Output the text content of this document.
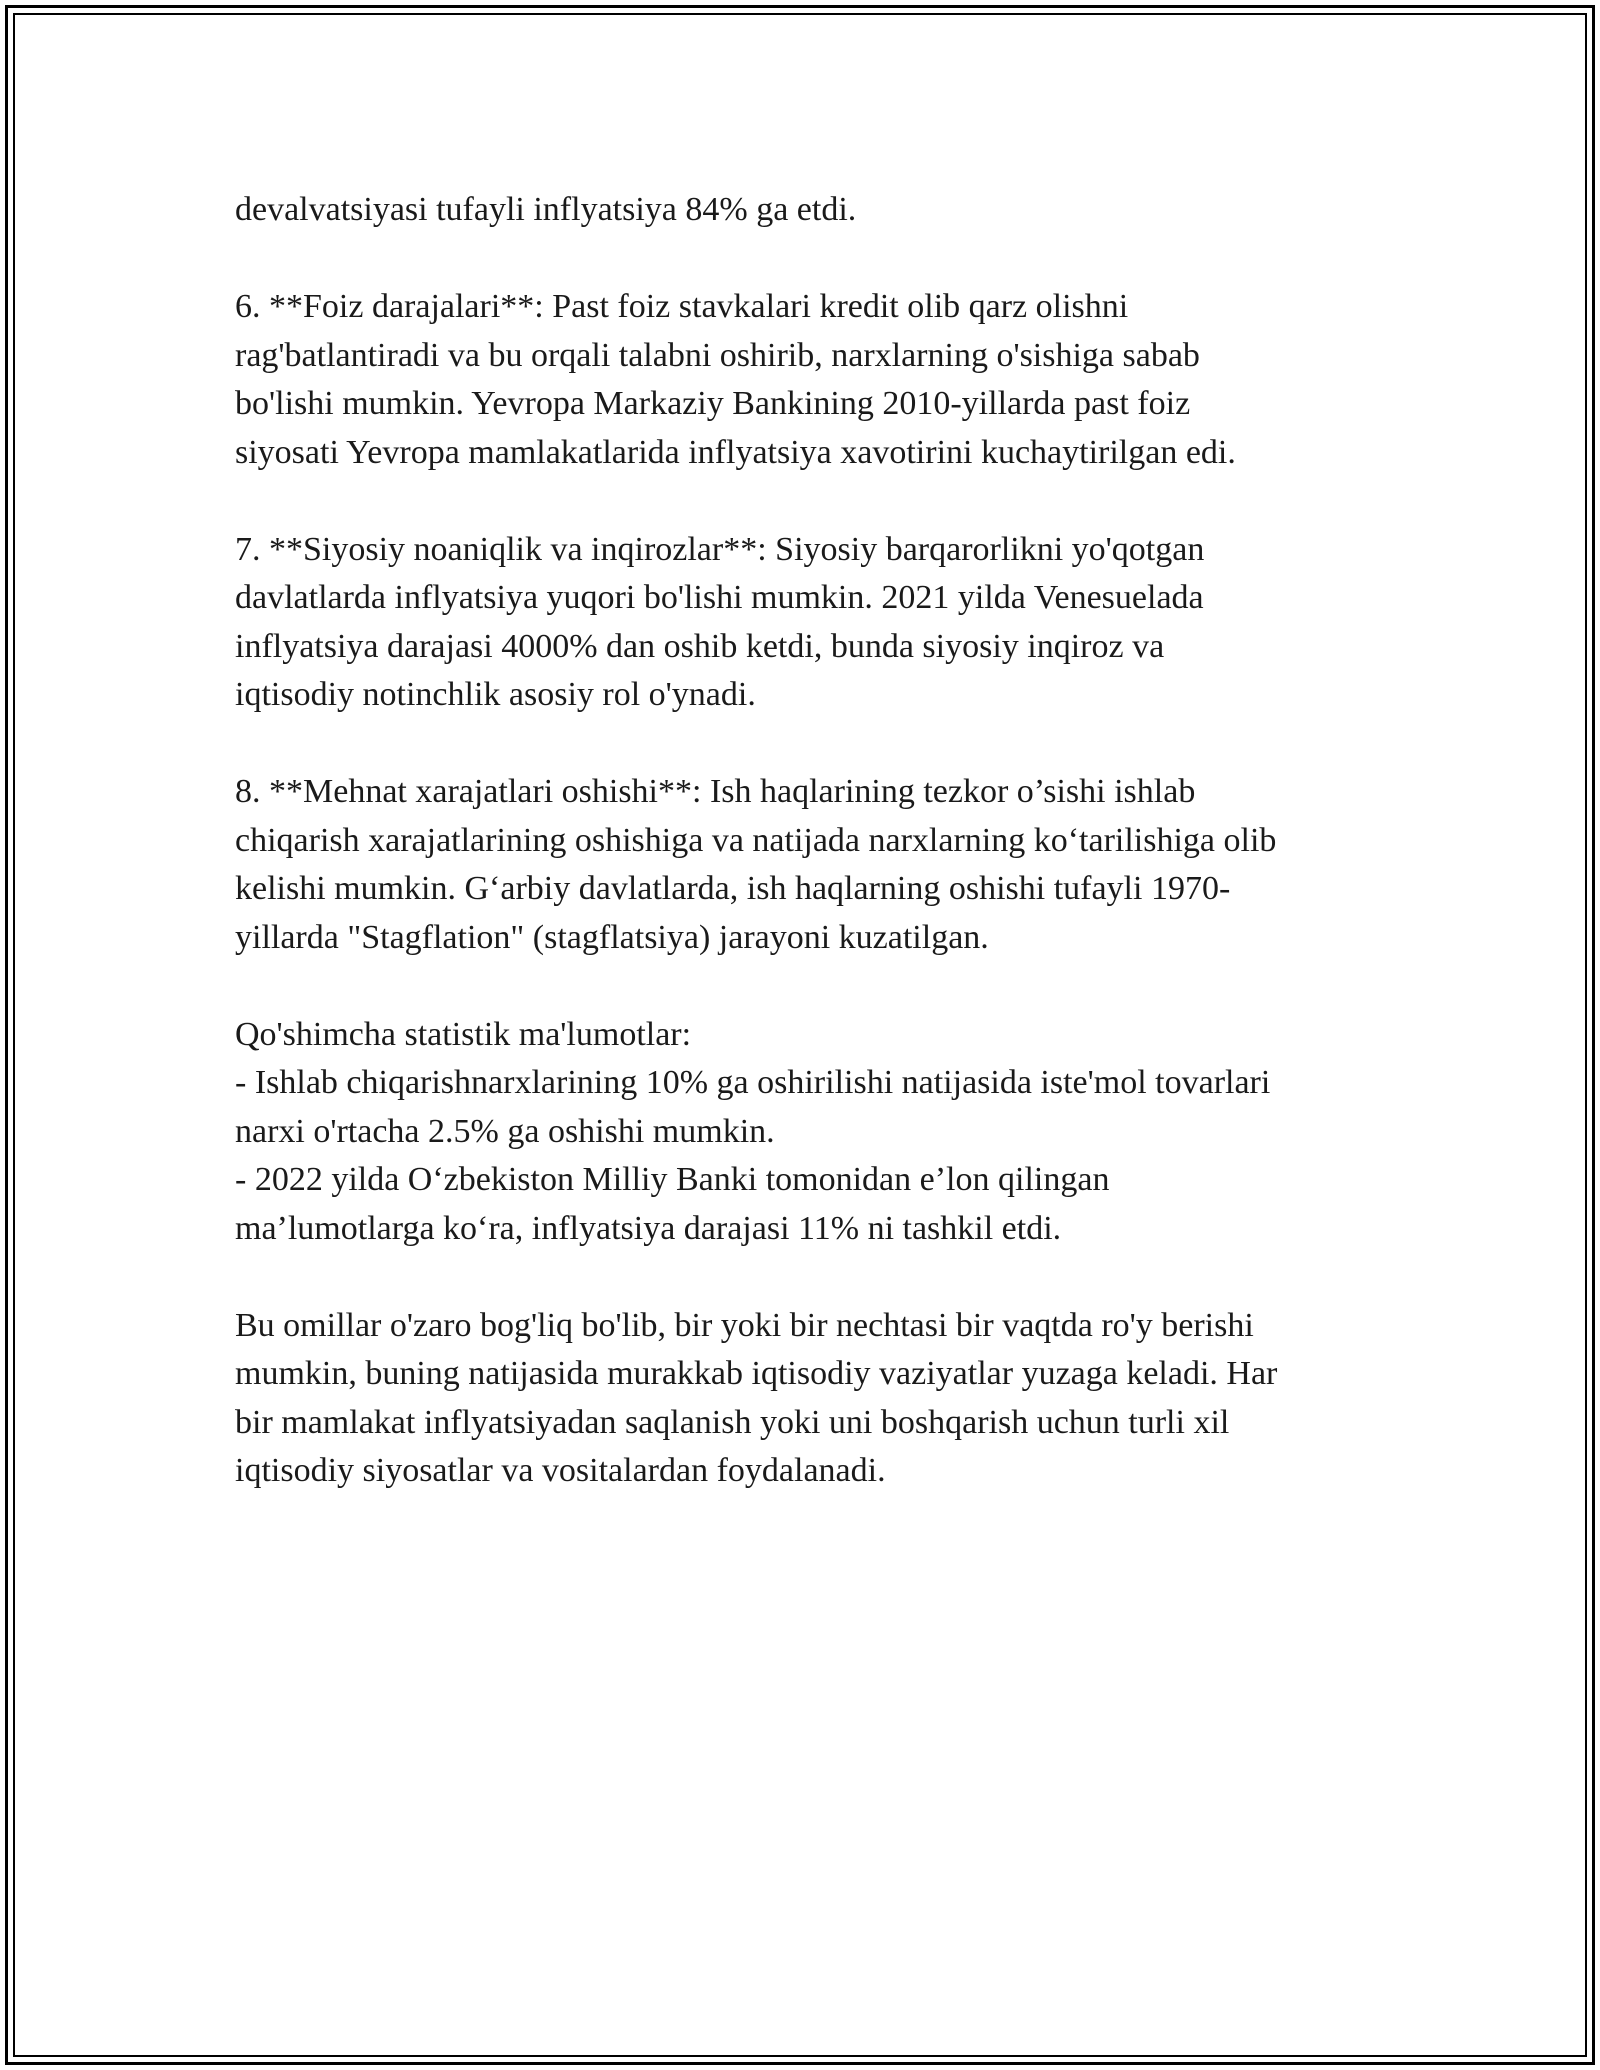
devalvatsiyasi tufayli inflyatsiya 84% ga etdi.
6. **Foiz darajalari**: Past foiz stavkalari kredit olib qarz olishni
rag'batlantiradi va bu orqali talabni oshirib, narxlarning o'sishiga sabab
bo'lishi mumkin. Yevropa Markaziy Bankining 2010-yillarda past foiz
siyosati Yevropa mamlakatlarida inflyatsiya xavotirini kuchaytirilgan edi.
7. **Siyosiy noaniqlik va inqirozlar**: Siyosiy barqarorlikni yo'qotgan
davlatlarda inflyatsiya yuqori bo'lishi mumkin. 2021 yilda Venesuelada
inflyatsiya darajasi 4000% dan oshib ketdi, bunda siyosiy inqiroz va
iqtisodiy notinchlik asosiy rol o'ynadi.
8. **Mehnat xarajatlari oshishi**: Ish haqlarining tezkor o’sishi ishlab
chiqarish xarajatlarining oshishiga va natijada narxlarning ko‘tarilishiga olib
kelishi mumkin. G‘arbiy davlatlarda, ish haqlarning oshishi tufayli 1970-
yillarda "Stagflation" (stagflatsiya) jarayoni kuzatilgan.
Qo'shimcha statistik ma'lumotlar:
- Ishlab chiqarishnarxlarining 10% ga oshirilishi natijasida iste'mol tovarlari
narxi o'rtacha 2.5% ga oshishi mumkin.
- 2022 yilda O‘zbekiston Milliy Banki tomonidan e’lon qilingan
ma’lumotlarga ko‘ra, inflyatsiya darajasi 11% ni tashkil etdi.
Bu omillar o'zaro bog'liq bo'lib, bir yoki bir nechtasi bir vaqtda ro'y berishi
mumkin, buning natijasida murakkab iqtisodiy vaziyatlar yuzaga keladi. Har
bir mamlakat inflyatsiyadan saqlanish yoki uni boshqarish uchun turli xil
iqtisodiy siyosatlar va vositalardan foydalanadi.
